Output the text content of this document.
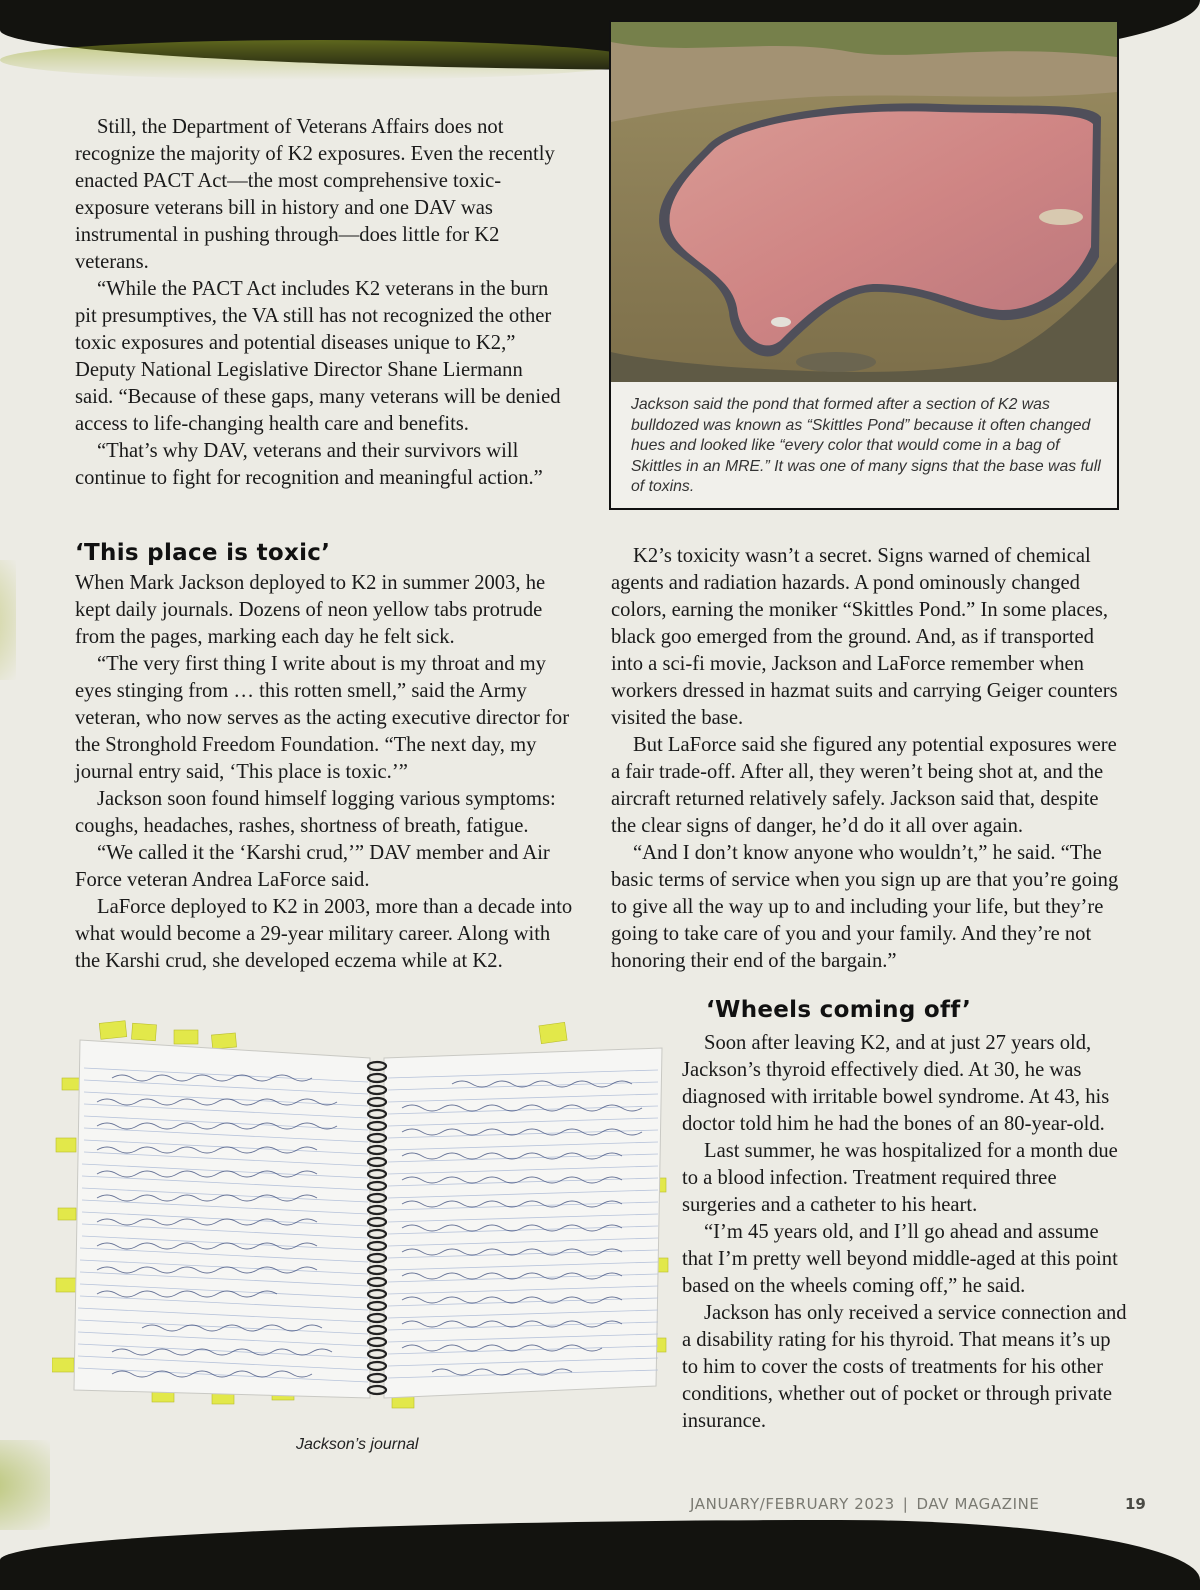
Still, the Department of Veterans Affairs does not recognize the majority of K2 exposures. Even the recently enacted PACT Act—the most comprehensive toxic-exposure veterans bill in history and one DAV was instrumental in pushing through—does little for K2 veterans.

“While the PACT Act includes K2 veterans in the burn pit presumptives, the VA still has not recognized the other toxic exposures and potential diseases unique to K2,” Deputy National Legislative Director Shane Liermann said. “Because of these gaps, many veterans will be denied access to life-changing health care and benefits.

“That’s why DAV, veterans and their survivors will continue to fight for recognition and meaningful action.”

Jackson said the pond that formed after a section of K2 was bulldozed was known as “Skittles Pond” because it often changed hues and looked like “every color that would come in a bag of Skittles in an MRE.” It was one of many signs that the base was full of toxins.
‘This place is toxic’

When Mark Jackson deployed to K2 in summer 2003, he kept daily journals. Dozens of neon yellow tabs protrude from the pages, marking each day he felt sick.

“The very first thing I write about is my throat and my eyes stinging from … this rotten smell,” said the Army veteran, who now serves as the acting executive director for the Stronghold Freedom Foundation. “The next day, my journal entry said, ‘This place is toxic.’”

Jackson soon found himself logging various symptoms: coughs, headaches, rashes, shortness of breath, fatigue.

“We called it the ‘Karshi crud,’” DAV member and Air Force veteran Andrea LaForce said.

LaForce deployed to K2 in 2003, more than a decade into what would become a 29-year military career. Along with the Karshi crud, she developed eczema while at K2.

K2’s toxicity wasn’t a secret. Signs warned of chemical agents and radiation hazards. A pond ominously changed colors, earning the moniker “Skittles Pond.” In some places, black goo emerged from the ground. And, as if transported into a sci-fi movie, Jackson and LaForce remember when workers dressed in hazmat suits and carrying Geiger counters visited the base.

But LaForce said she figured any potential exposures were a fair trade-off. After all, they weren’t being shot at, and the aircraft returned relatively safely. Jackson said that, despite the clear signs of danger, he’d do it all over again.

“And I don’t know anyone who wouldn’t,” he said. “The basic terms of service when you sign up are that you’re going to give all the way up to and including your life, but they’re going to take care of you and your family. And they’re not honoring their end of the bargain.”

Jackson’s journal
‘Wheels coming off’

Soon after leaving K2, and at just 27 years old, Jackson’s thyroid effectively died. At 30, he was diagnosed with irritable bowel syndrome. At 43, his doctor told him he had the bones of an 80-year-old.

Last summer, he was hospitalized for a month due to a blood infection. Treatment required three surgeries and a catheter to his heart.

“I’m 45 years old, and I’ll go ahead and assume that I’m pretty well beyond middle-aged at this point based on the wheels coming off,” he said.

Jackson has only received a service connection and a disability rating for his thyroid. That means it’s up to him to cover the costs of treatments for his other conditions, whether out of pocket or through private insurance.

JANUARY/FEBRUARY 2023 | DAV MAGAZINE	19
